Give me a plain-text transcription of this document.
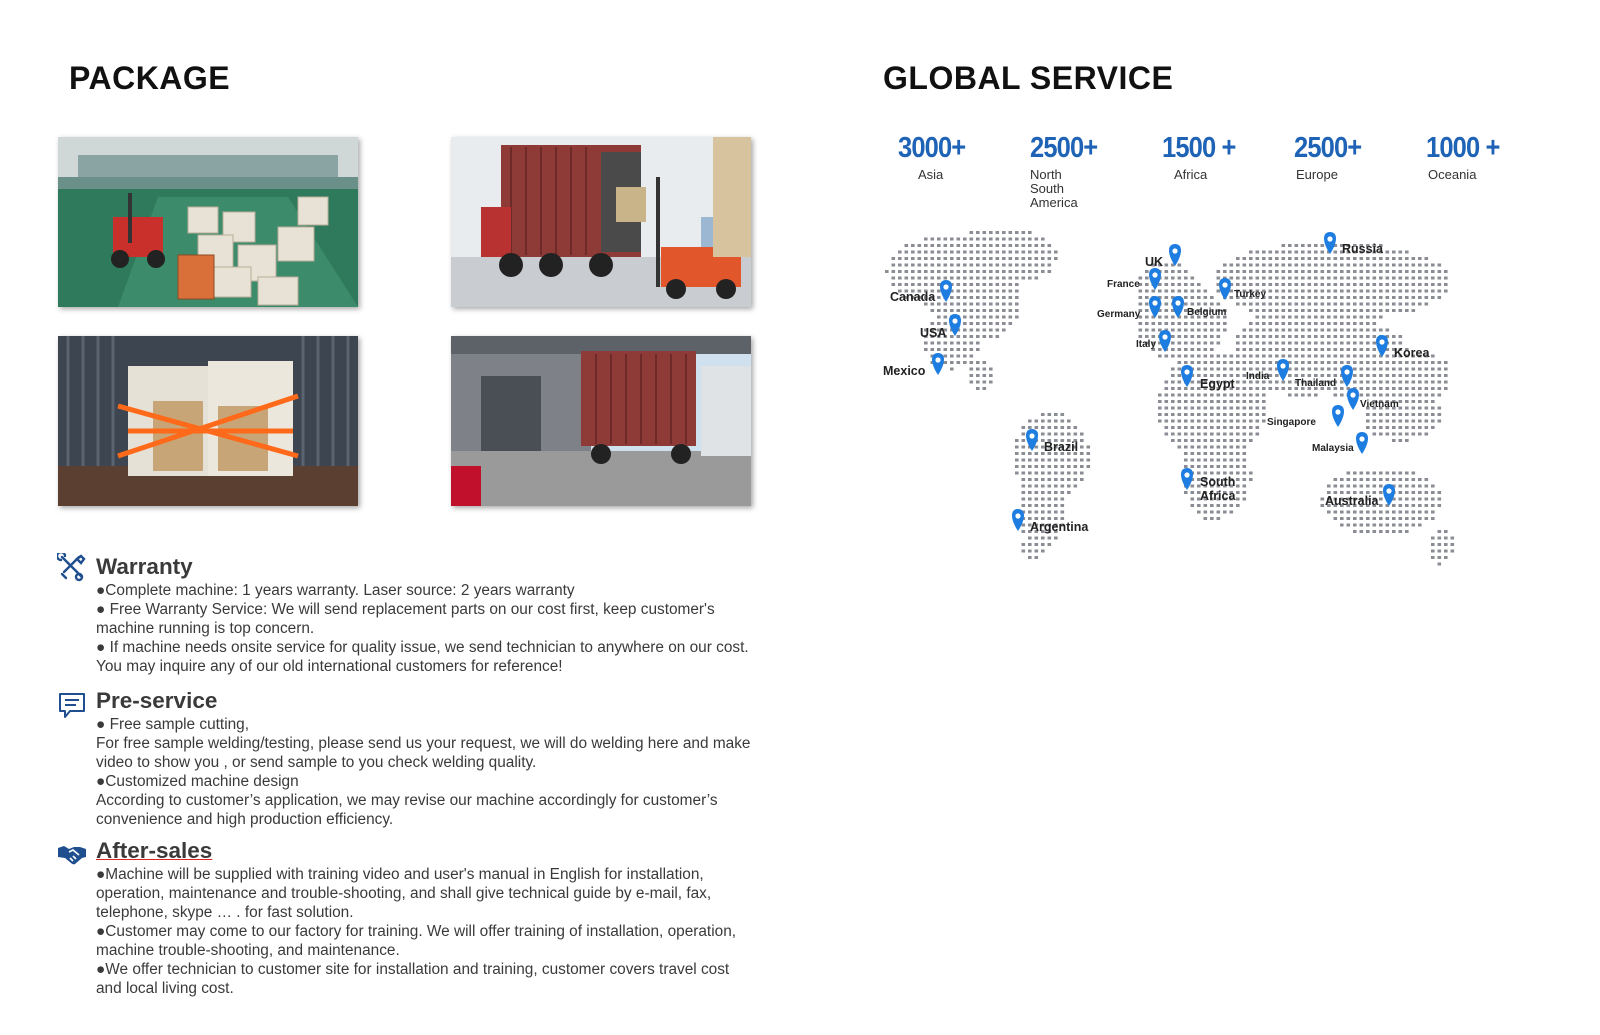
PACKAGE
Warranty

●Complete machine: 1 years warranty. Laser source: 2 years warranty

● Free Warranty Service: We will send replacement parts on our cost first, keep customer's machine running is top concern.

● If machine needs onsite service for quality issue, we send technician to anywhere on our cost. You may inquire any of our old international customers for reference!

Pre-service

● Free sample cutting,

For free sample welding/testing, please send us your request, we will do welding here and make video to show you , or send sample to you check welding quality.

●Customized machine design

According to customer’s application, we may revise our machine accordingly for customer’s convenience and high production efficiency.

After-sales

●Machine will be supplied with training video and user's manual in English for installation, operation, maintenance and trouble-shooting, and shall give technical guide by e-mail, fax, telephone, skype … . for fast solution.

●Customer may come to our factory for training. We will offer training of installation, operation, machine trouble-shooting, and maintenance.

●We offer technician to customer site for installation and training, customer covers travel cost and local living cost.

GLOBAL SERVICE
3000+
Asia
2500+
North
South America
1500 +
Africa
2500+
Europe
1000 +
Oceania
UK
Russia
France
Turkey
Canada
Germany	Belgium
USA
Italy
Korea
Mexico
Egypt
India
Thailand
Vietnam
Singapore
Brazil	Malaysia
South
Africa	Australia
Argentina
